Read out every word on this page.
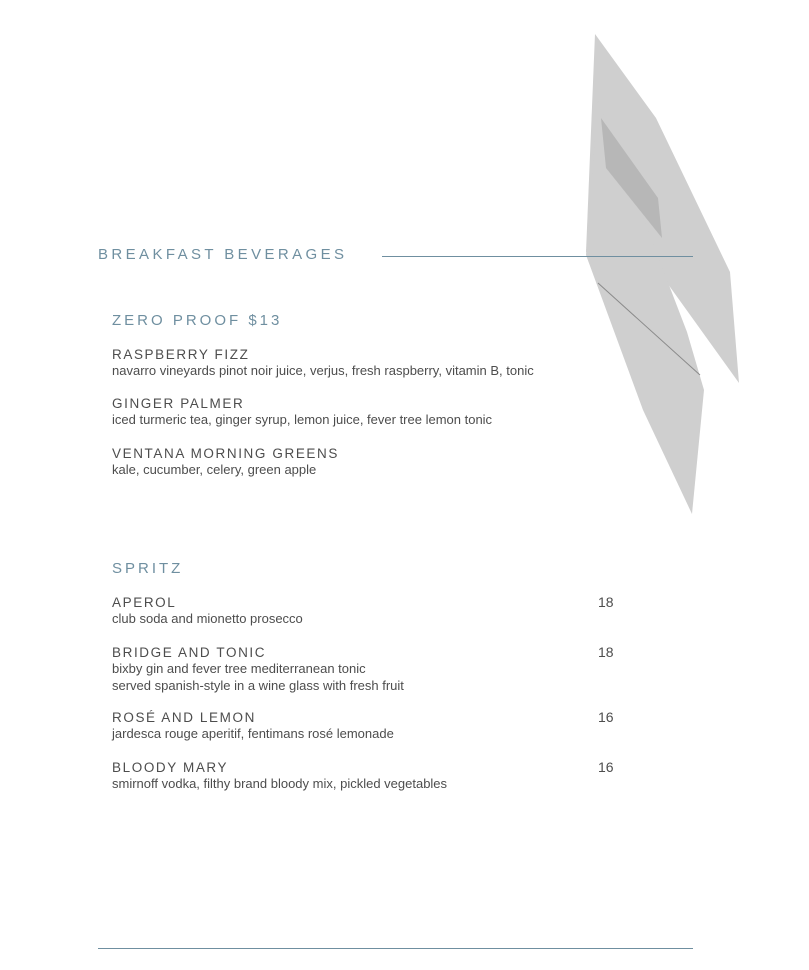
BREAKFAST BEVERAGES
ZERO PROOF $13
RASPBERRY FIZZ
navarro vineyards pinot noir juice, verjus, fresh raspberry, vitamin B, tonic
GINGER PALMER
iced turmeric tea, ginger syrup, lemon juice, fever tree lemon tonic
VENTANA MORNING GREENS
kale, cucumber, celery, green apple
SPRITZ
APEROL	18
club soda and mionetto prosecco
BRIDGE AND TONIC	18
bixby gin and fever tree mediterranean tonic
served spanish-style in a wine glass with fresh fruit
ROSÉ AND LEMON	16
jardesca rouge aperitif, fentimans rosé lemonade
BLOODY MARY	16
smirnoff vodka, filthy brand bloody mix, pickled vegetables
